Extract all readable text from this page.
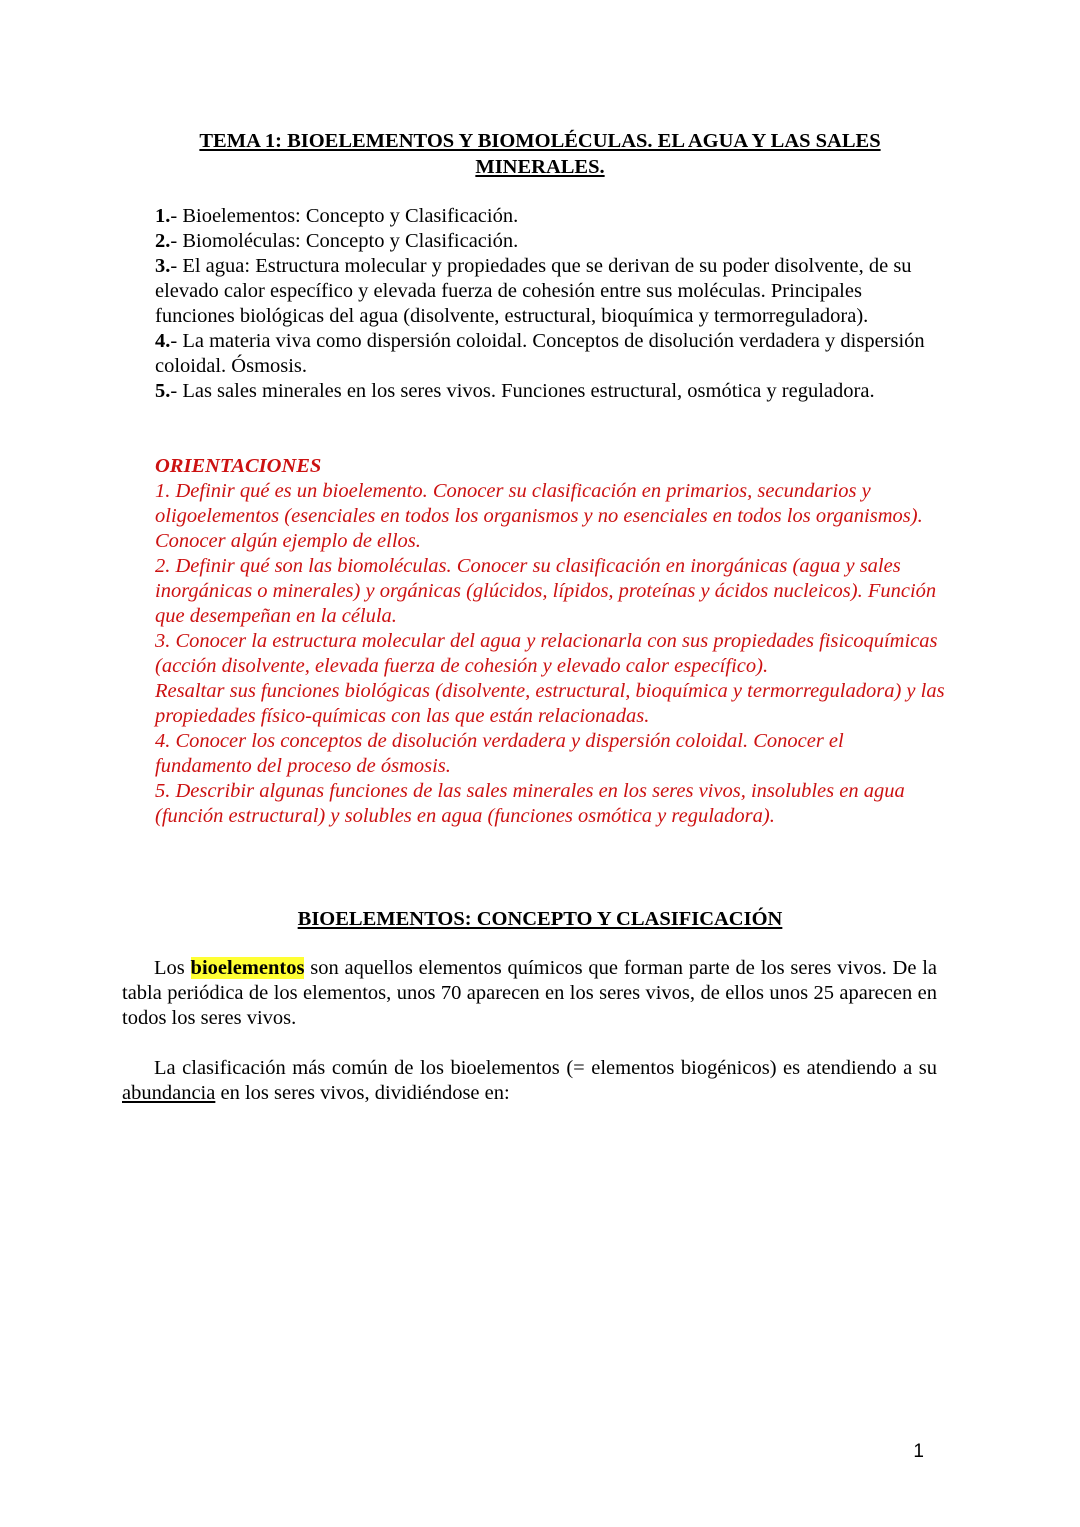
TEMA 1: BIOELEMENTOS Y BIOMOLÉCULAS. EL AGUA Y LAS SALES
MINERALES.

1.- Bioelementos: Concepto y Clasificación.

2.- Biomoléculas: Concepto y Clasificación.

3.- El agua: Estructura molecular y propiedades que se derivan de su poder disolvente, de su elevado calor específico y elevada fuerza de cohesión entre sus moléculas. Principales funciones biológicas del agua (disolvente, estructural, bioquímica y termorreguladora).

4.- La materia viva como dispersión coloidal. Conceptos de disolución verdadera y dispersión coloidal. Ósmosis.

5.- Las sales minerales en los seres vivos. Funciones estructural, osmótica y reguladora.

ORIENTACIONES

1. Definir qué es un bioelemento. Conocer su clasificación en primarios, secundarios y oligoelementos (esenciales en todos los organismos y no esenciales en todos los organismos). Conocer algún ejemplo de ellos.

2. Definir qué son las biomoléculas. Conocer su clasificación en inorgánicas (agua y sales inorgánicas o minerales) y orgánicas (glúcidos, lípidos, proteínas y ácidos nucleicos). Función que desempeñan en la célula.

3. Conocer la estructura molecular del agua y relacionarla con sus propiedades fisicoquímicas (acción disolvente, elevada fuerza de cohesión y elevado calor específico).

Resaltar sus funciones biológicas (disolvente, estructural, bioquímica y termorreguladora) y las propiedades físico-químicas con las que están relacionadas.

4. Conocer los conceptos de disolución verdadera y dispersión coloidal. Conocer el fundamento del proceso de ósmosis.

5. Describir algunas funciones de las sales minerales en los seres vivos, insolubles en agua (función estructural) y solubles en agua (funciones osmótica y reguladora).

BIOELEMENTOS: CONCEPTO Y CLASIFICACIÓN

Los bioelementos son aquellos elementos químicos que forman parte de los seres vivos. De la tabla periódica de los elementos, unos 70 aparecen en los seres vivos, de ellos unos 25 aparecen en todos los seres vivos.

La clasificación más común de los bioelementos (= elementos biogénicos) es atendiendo a su abundancia en los seres vivos, dividiéndose en:

1
